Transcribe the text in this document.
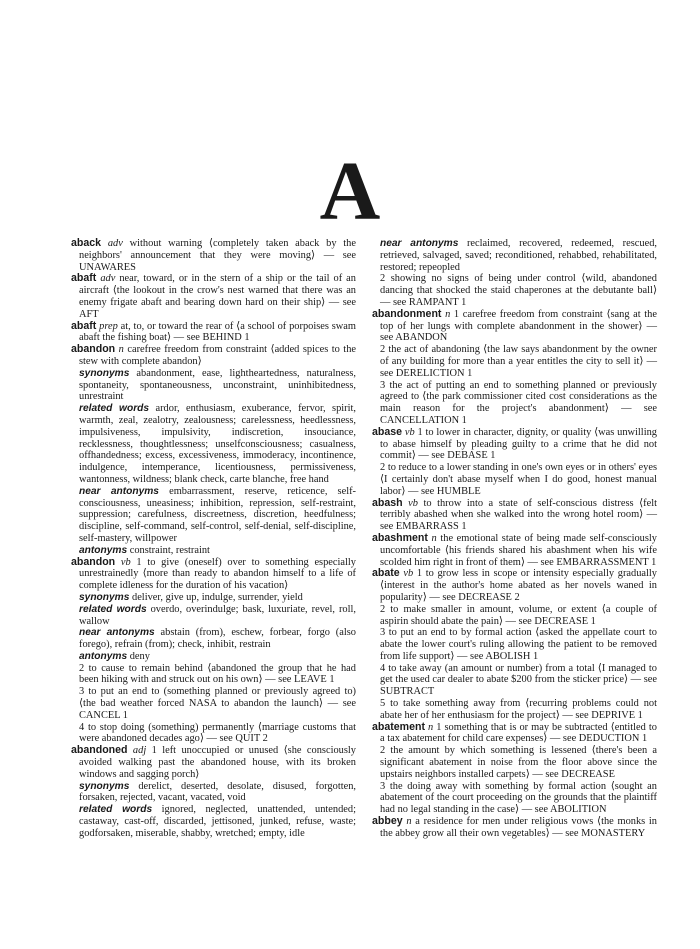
A

aback adv without warning ⟨completely taken aback by the neighbors' announcement that they were moving⟩ — see UNAWARES

abaft adv near, toward, or in the stern of a ship or the tail of an aircraft ⟨the lookout in the crow's nest warned that there was an enemy frigate abaft and bearing down hard on their ship⟩ — see AFT

abaft prep at, to, or toward the rear of ⟨a school of porpoises swam abaft the fishing boat⟩ — see BEHIND 1

abandon n carefree freedom from constraint ⟨added spices to the stew with complete abandon⟩

synonyms abandonment, ease, lightheartedness, naturalness, spontaneity, spontaneousness, unconstraint, uninhibitedness, unrestraint

related words ardor, enthusiasm, exuberance, fervor, spirit, warmth, zeal, zealotry, zealousness; carelessness, heedlessness, impulsiveness, impulsivity, indiscretion, insouciance, recklessness, thoughtlessness; unselfconsciousness; casualness, offhandedness; excess, excessiveness, immoderacy, incontinence, indulgence, intemperance, licentiousness, permissiveness, wantonness, wildness; blank check, carte blanche, free hand

near antonyms embarrassment, reserve, reticence, self-consciousness, uneasiness; inhibition, repression, self-restraint, suppression; carefulness, discreetness, discretion, heedfulness; discipline, self-command, self-control, self-denial, self-discipline, self-mastery, willpower

antonyms constraint, restraint

abandon vb 1 to give (oneself) over to something especially unrestrainedly ⟨more than ready to abandon himself to a life of complete idleness for the duration of his vacation⟩

synonyms deliver, give up, indulge, surrender, yield

related words overdo, overindulge; bask, luxuriate, revel, roll, wallow

near antonyms abstain (from), eschew, forbear, forgo (also forego), refrain (from); check, inhibit, restrain

antonyms deny

2 to cause to remain behind ⟨abandoned the group that he had been hiking with and struck out on his own⟩ — see LEAVE 1

3 to put an end to (something planned or previously agreed to) ⟨the bad weather forced NASA to abandon the launch⟩ — see CANCEL 1

4 to stop doing (something) permanently ⟨marriage customs that were abandoned decades ago⟩ — see QUIT 2

abandoned adj 1 left unoccupied or unused ⟨she consciously avoided walking past the abandoned house, with its broken windows and sagging porch⟩

synonyms derelict, deserted, desolate, disused, forgotten, forsaken, rejected, vacant, vacated, void

related words ignored, neglected, unattended, untended; castaway, cast-off, discarded, jettisoned, junked, refuse, waste; godforsaken, miserable, shabby, wretched; empty, idle

near antonyms reclaimed, recovered, redeemed, rescued, retrieved, salvaged, saved; reconditioned, rehabbed, rehabilitated, restored; repeopled

2 showing no signs of being under control ⟨wild, abandoned dancing that shocked the staid chaperones at the debutante ball⟩ — see RAMPANT 1

abandonment n 1 carefree freedom from constraint ⟨sang at the top of her lungs with complete abandonment in the shower⟩ — see ABANDON

2 the act of abandoning ⟨the law says abandonment by the owner of any building for more than a year entitles the city to sell it⟩ — see DERELICTION 1

3 the act of putting an end to something planned or previously agreed to ⟨the park commissioner cited cost considerations as the main reason for the project's abandonment⟩ — see CANCELLATION 1

abase vb 1 to lower in character, dignity, or quality ⟨was unwilling to abase himself by pleading guilty to a crime that he did not commit⟩ — see DEBASE 1

2 to reduce to a lower standing in one's own eyes or in others' eyes ⟨I certainly don't abase myself when I do good, honest manual labor⟩ — see HUMBLE

abash vb to throw into a state of self-conscious distress ⟨felt terribly abashed when she walked into the wrong hotel room⟩ — see EMBARRASS 1

abashment n the emotional state of being made self-consciously uncomfortable ⟨his friends shared his abashment when his wife scolded him right in front of them⟩ — see EMBARRASSMENT 1

abate vb 1 to grow less in scope or intensity especially gradually ⟨interest in the author's home abated as her novels waned in popularity⟩ — see DECREASE 2

2 to make smaller in amount, volume, or extent ⟨a couple of aspirin should abate the pain⟩ — see DECREASE 1

3 to put an end to by formal action ⟨asked the appellate court to abate the lower court's ruling allowing the patient to be removed from life support⟩ — see ABOLISH 1

4 to take away (an amount or number) from a total ⟨I managed to get the used car dealer to abate $200 from the sticker price⟩ — see SUBTRACT

5 to take something away from ⟨recurring problems could not abate her of her enthusiasm for the project⟩ — see DEPRIVE 1

abatement n 1 something that is or may be subtracted ⟨entitled to a tax abatement for child care expenses⟩ — see DEDUCTION 1

2 the amount by which something is lessened ⟨there's been a significant abatement in noise from the floor above since the upstairs neighbors installed carpets⟩ — see DECREASE

3 the doing away with something by formal action ⟨sought an abatement of the court proceeding on the grounds that the plaintiff had no legal standing in the case⟩ — see ABOLITION

abbey n a residence for men under religious vows ⟨the monks in the abbey grow all their own vegetables⟩ — see MONASTERY
